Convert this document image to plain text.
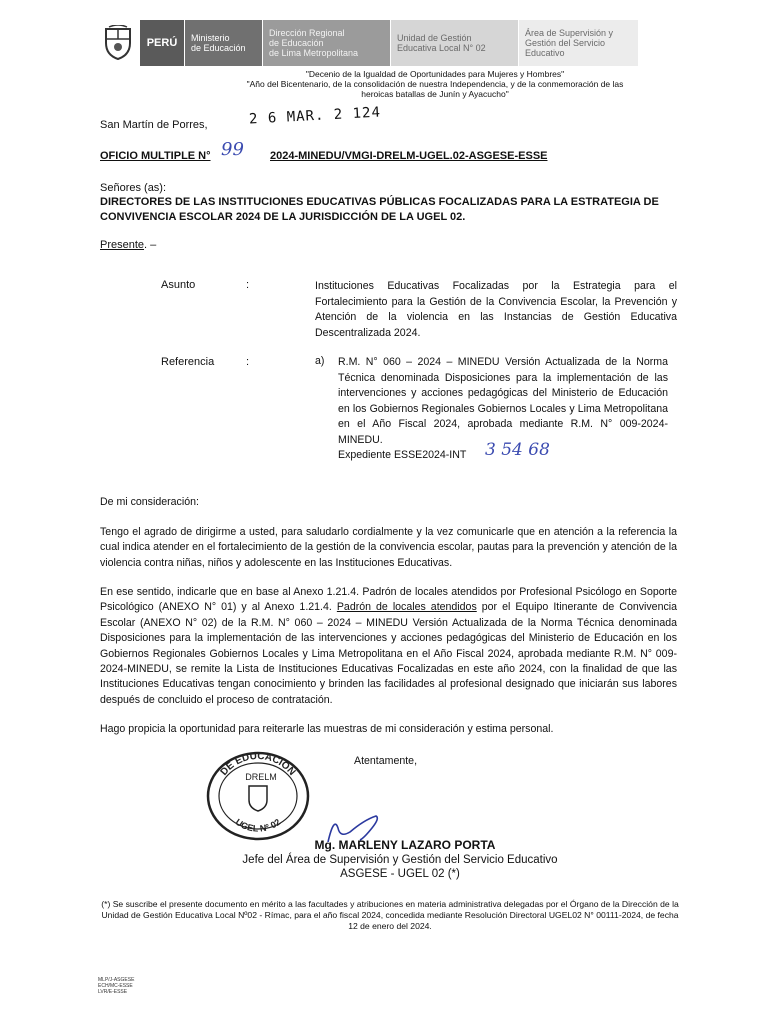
PERÚ	Ministerio
de Educación
Dirección Regional
de Educación
de Lima Metropolitana
Unidad de Gestión
Educativa Local N° 02
Área de Supervisión y
Gestión del Servicio
Educativo
"Decenio de la Igualdad de Oportunidades para Mujeres y Hombres"
"Año del Bicentenario, de la consolidación de nuestra Independencia, y de la conmemoración de las
heroicas batallas de Junín y Ayacucho"
San Martín de Porres,	2 6 MAR. 2 124
OFICIO MULTIPLE N° 99 2024-MINEDU/VMGI-DRELM-UGEL.02-ASGESE-ESSE
Señores (as):
DIRECTORES DE LAS INSTITUCIONES EDUCATIVAS PÚBLICAS FOCALIZADAS PARA LA ESTRATEGIA DE CONVIVENCIA ESCOLAR 2024 DE LA JURISDICCIÓN DE LA UGEL 02.
Presente. –
Asunto	:	Instituciones Educativas Focalizadas por la Estrategia para el Fortalecimiento para la Gestión de la Convivencia Escolar, la Prevención y Atención de la violencia en las Instancias de Gestión Educativa Descentralizada 2024.
Referencia	:	a) R.M. N° 060 – 2024 – MINEDU Versión Actualizada de la Norma Técnica denominada Disposiciones para la implementación de las intervenciones y acciones pedagógicas del Ministerio de Educación en los Gobiernos Regionales Gobiernos Locales y Lima Metropolitana en el Año Fiscal 2024, aprobada mediante R.M. N° 009-2024-MINEDU.
Expediente ESSE2024-INT	3 54 68
De mi consideración:
Tengo el agrado de dirigirme a usted, para saludarlo cordialmente y la vez comunicarle que en atención a la referencia la cual indica atender en el fortalecimiento de la gestión de la convivencia escolar, pautas para la prevención y atención de la violencia contra niñas, niños y adolescente en las Instituciones Educativas.
En ese sentido, indicarle que en base al Anexo 1.21.4. Padrón de locales atendidos por Profesional Psicólogo en Soporte Psicológico (ANEXO N° 01) y al Anexo 1.21.4. Padrón de locales atendidos por el Equipo Itinerante de Convivencia Escolar (ANEXO N° 02) de la R.M. N° 060 – 2024 – MINEDU Versión Actualizada de la Norma Técnica denominada Disposiciones para la implementación de las intervenciones y acciones pedagógicas del Ministerio de Educación en los Gobiernos Regionales Gobiernos Locales y Lima Metropolitana en el Año Fiscal 2024, aprobada mediante R.M. N° 009-2024-MINEDU, se remite la Lista de Instituciones Educativas Focalizadas en este año 2024, con la finalidad de que las Instituciones Educativas tengan conocimiento y brinden las facilidades al profesional designado que iniciarán sus labores después de concluido el proceso de contratación.
Hago propicia la oportunidad para reiterarle las muestras de mi consideración y estima personal.
Atentamente,
DE EDUCACIÓN
DRELM
UGEL N° 02
Mg. MARLENY LAZARO PORTA
Jefe del Área de Supervisión y Gestión del Servicio Educativo
ASGESE - UGEL 02 (*)
(*) Se suscribe el presente documento en mérito a las facultades y atribuciones en materia administrativa delegadas por el Órgano de la Dirección de la Unidad de Gestión Educativa Local Nº02 - Rímac, para el año fiscal 2024, concedida mediante Resolución Directoral UGEL02 N° 00111-2024, de fecha 12 de enero del 2024.
MLP/J-ASGESE
ECH/MC-ESSE
LVR/E-ESSE
